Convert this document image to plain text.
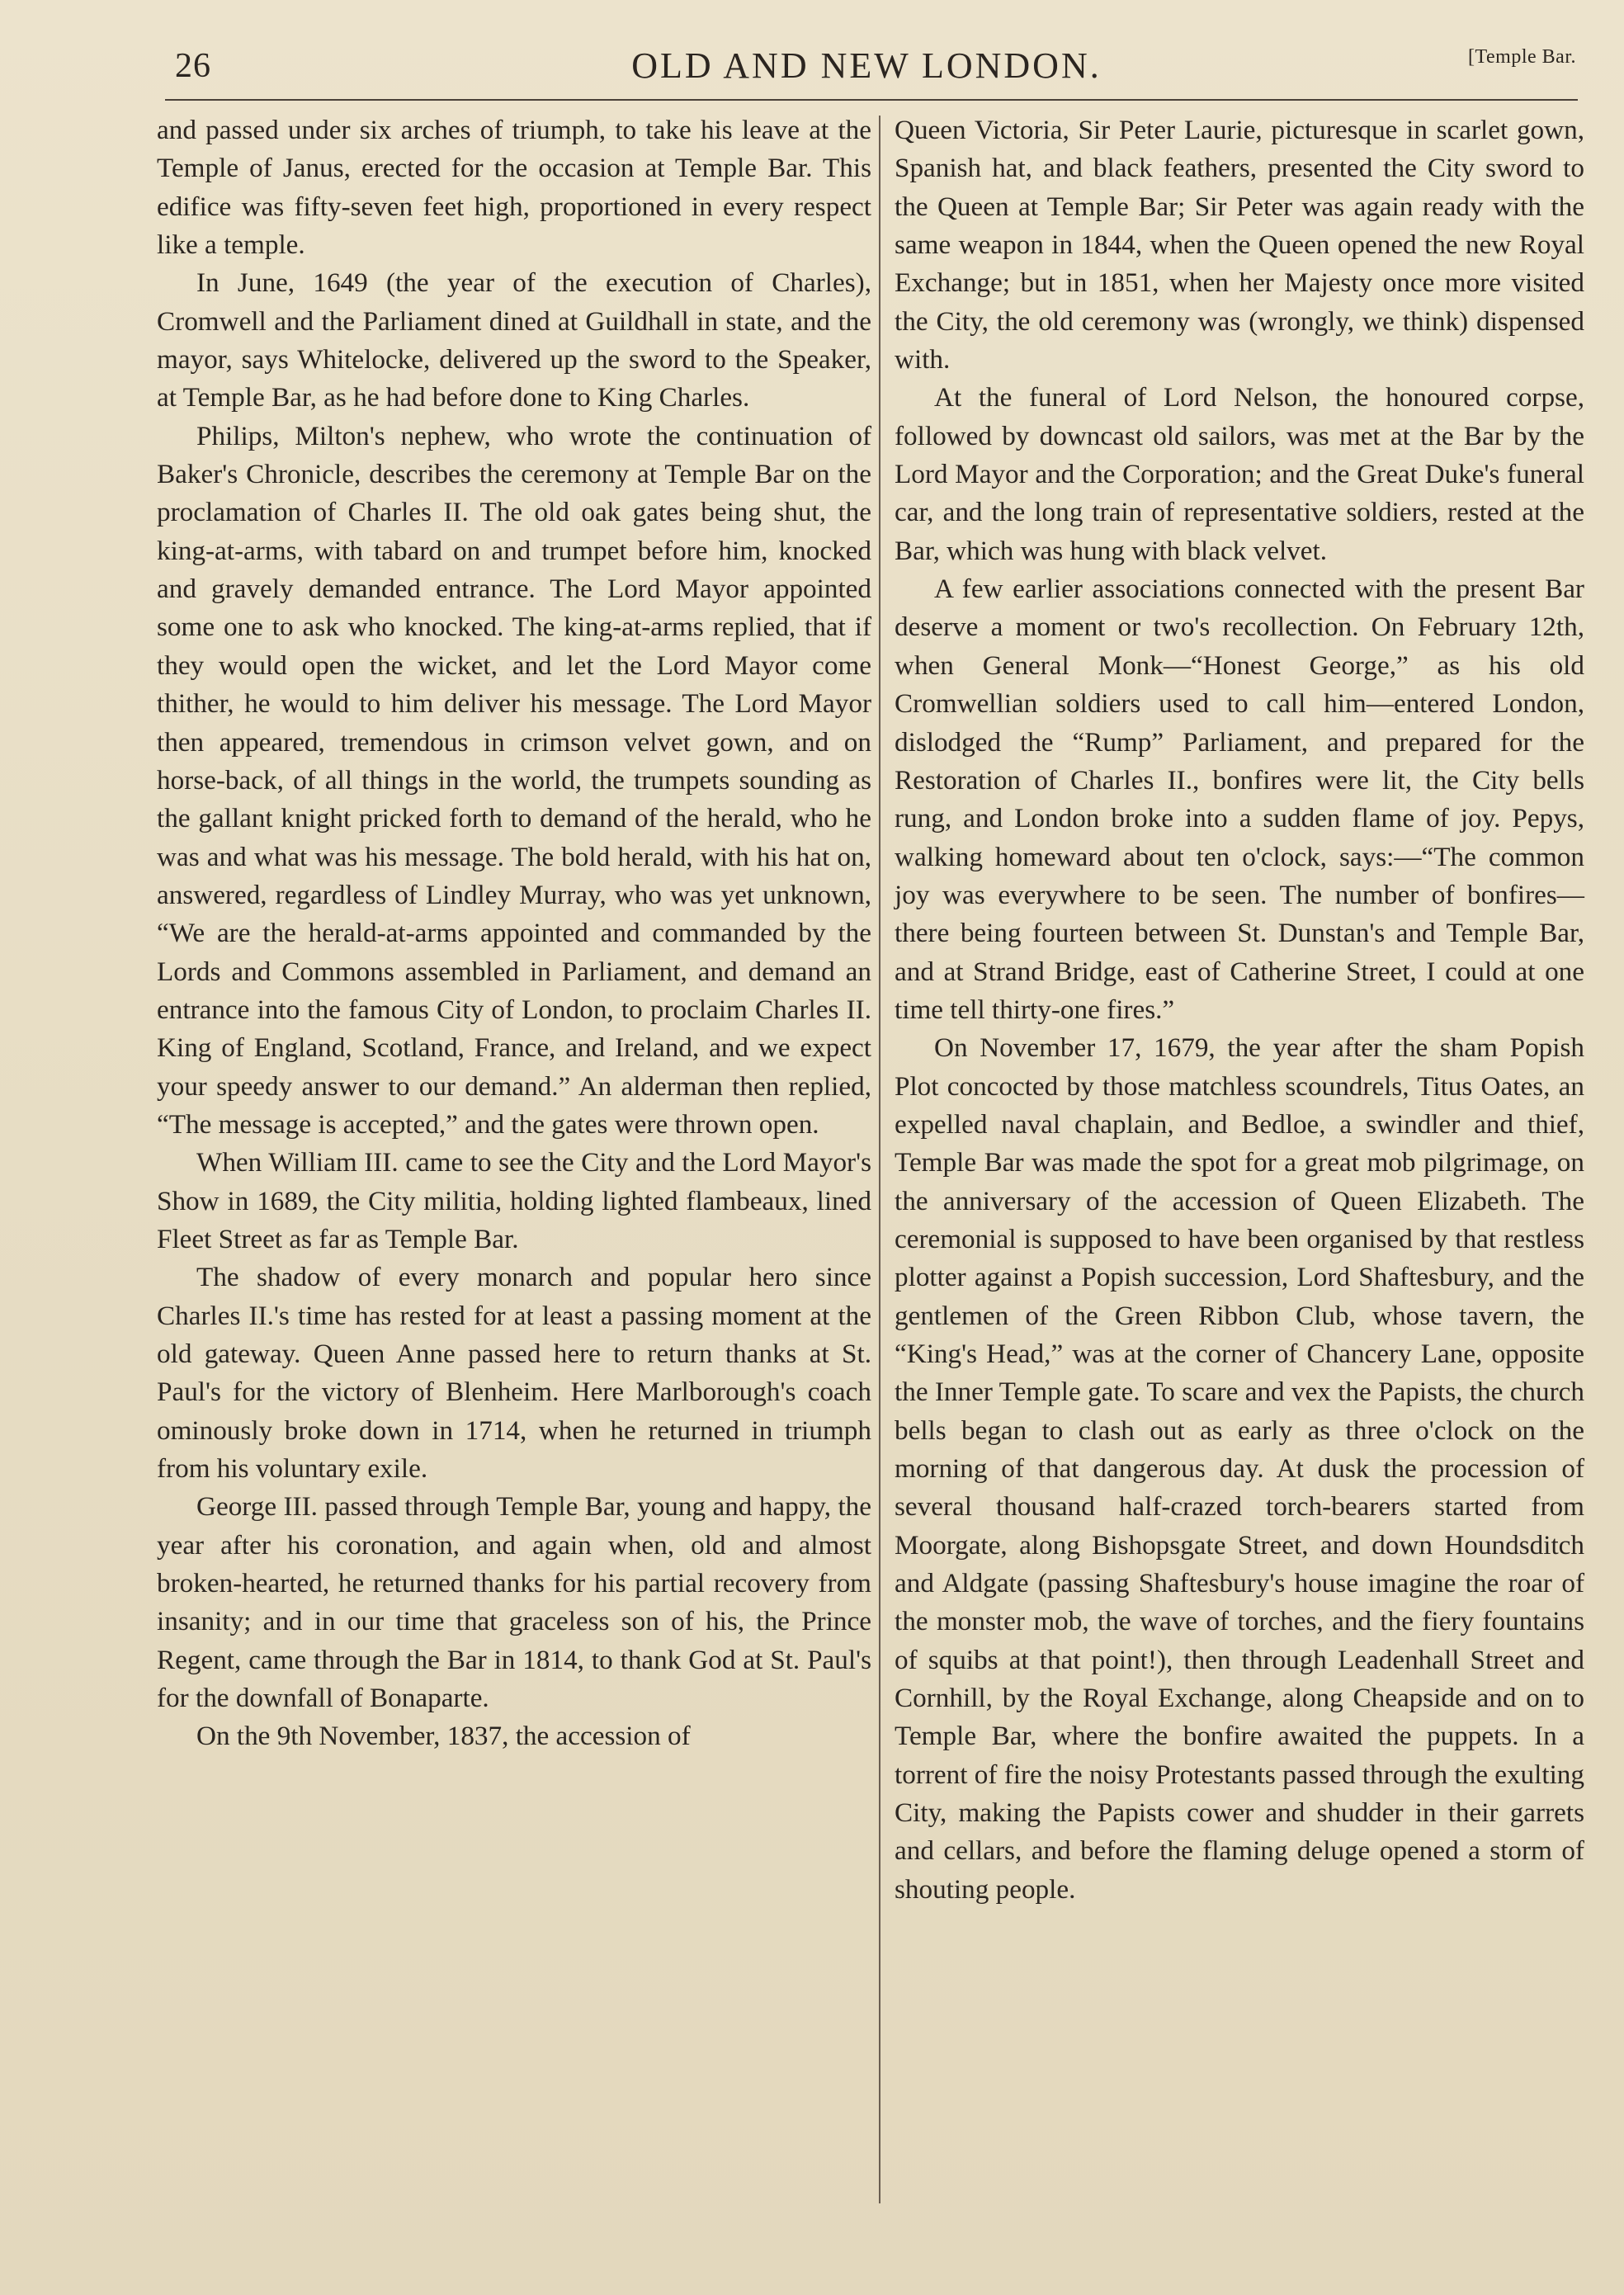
26	OLD AND NEW LONDON.	[Temple Bar.

and passed under six arches of triumph, to take his leave at the Temple of Janus, erected for the occasion at Temple Bar. This edifice was fifty-seven feet high, proportioned in every respect like a temple.

In June, 1649 (the year of the execution of Charles), Cromwell and the Parliament dined at Guildhall in state, and the mayor, says Whitelocke, delivered up the sword to the Speaker, at Temple Bar, as he had before done to King Charles.

Philips, Milton's nephew, who wrote the continuation of Baker's Chronicle, describes the ceremony at Temple Bar on the proclamation of Charles II. The old oak gates being shut, the king-at-arms, with tabard on and trumpet before him, knocked and gravely demanded entrance. The Lord Mayor appointed some one to ask who knocked. The king-at-arms replied, that if they would open the wicket, and let the Lord Mayor come thither, he would to him deliver his message. The Lord Mayor then appeared, tremendous in crimson velvet gown, and on horse-back, of all things in the world, the trumpets sounding as the gallant knight pricked forth to demand of the herald, who he was and what was his message. The bold herald, with his hat on, answered, regardless of Lindley Murray, who was yet unknown, “We are the herald-at-arms appointed and commanded by the Lords and Commons assembled in Parliament, and demand an entrance into the famous City of London, to proclaim Charles II. King of England, Scotland, France, and Ireland, and we expect your speedy answer to our demand.” An alderman then replied, “The message is accepted,” and the gates were thrown open.

When William III. came to see the City and the Lord Mayor's Show in 1689, the City militia, holding lighted flambeaux, lined Fleet Street as far as Temple Bar.

The shadow of every monarch and popular hero since Charles II.'s time has rested for at least a passing moment at the old gateway. Queen Anne passed here to return thanks at St. Paul's for the victory of Blenheim. Here Marlborough's coach ominously broke down in 1714, when he returned in triumph from his voluntary exile.

George III. passed through Temple Bar, young and happy, the year after his coronation, and again when, old and almost broken-hearted, he returned thanks for his partial recovery from insanity; and in our time that graceless son of his, the Prince Regent, came through the Bar in 1814, to thank God at St. Paul's for the downfall of Bonaparte.

On the 9th November, 1837, the accession of

Queen Victoria, Sir Peter Laurie, picturesque in scarlet gown, Spanish hat, and black feathers, presented the City sword to the Queen at Temple Bar; Sir Peter was again ready with the same weapon in 1844, when the Queen opened the new Royal Exchange; but in 1851, when her Majesty once more visited the City, the old ceremony was (wrongly, we think) dispensed with.

At the funeral of Lord Nelson, the honoured corpse, followed by downcast old sailors, was met at the Bar by the Lord Mayor and the Corporation; and the Great Duke's funeral car, and the long train of representative soldiers, rested at the Bar, which was hung with black velvet.

A few earlier associations connected with the present Bar deserve a moment or two's recollection. On February 12th, when General Monk—“Honest George,” as his old Cromwellian soldiers used to call him—entered London, dislodged the “Rump” Parliament, and prepared for the Restoration of Charles II., bonfires were lit, the City bells rung, and London broke into a sudden flame of joy. Pepys, walking homeward about ten o'clock, says:—“The common joy was everywhere to be seen. The number of bonfires—there being fourteen between St. Dunstan's and Temple Bar, and at Strand Bridge, east of Catherine Street, I could at one time tell thirty-one fires.”

On November 17, 1679, the year after the sham Popish Plot concocted by those matchless scoundrels, Titus Oates, an expelled naval chaplain, and Bedloe, a swindler and thief, Temple Bar was made the spot for a great mob pilgrimage, on the anniversary of the accession of Queen Elizabeth. The ceremonial is supposed to have been organised by that restless plotter against a Popish succession, Lord Shaftesbury, and the gentlemen of the Green Ribbon Club, whose tavern, the “King's Head,” was at the corner of Chancery Lane, opposite the Inner Temple gate. To scare and vex the Papists, the church bells began to clash out as early as three o'clock on the morning of that dangerous day. At dusk the procession of several thousand half-crazed torch-bearers started from Moorgate, along Bishopsgate Street, and down Houndsditch and Aldgate (passing Shaftesbury's house imagine the roar of the monster mob, the wave of torches, and the fiery fountains of squibs at that point!), then through Leadenhall Street and Cornhill, by the Royal Exchange, along Cheapside and on to Temple Bar, where the bonfire awaited the puppets. In a torrent of fire the noisy Protestants passed through the exulting City, making the Papists cower and shudder in their garrets and cellars, and before the flaming deluge opened a storm of shouting people.
